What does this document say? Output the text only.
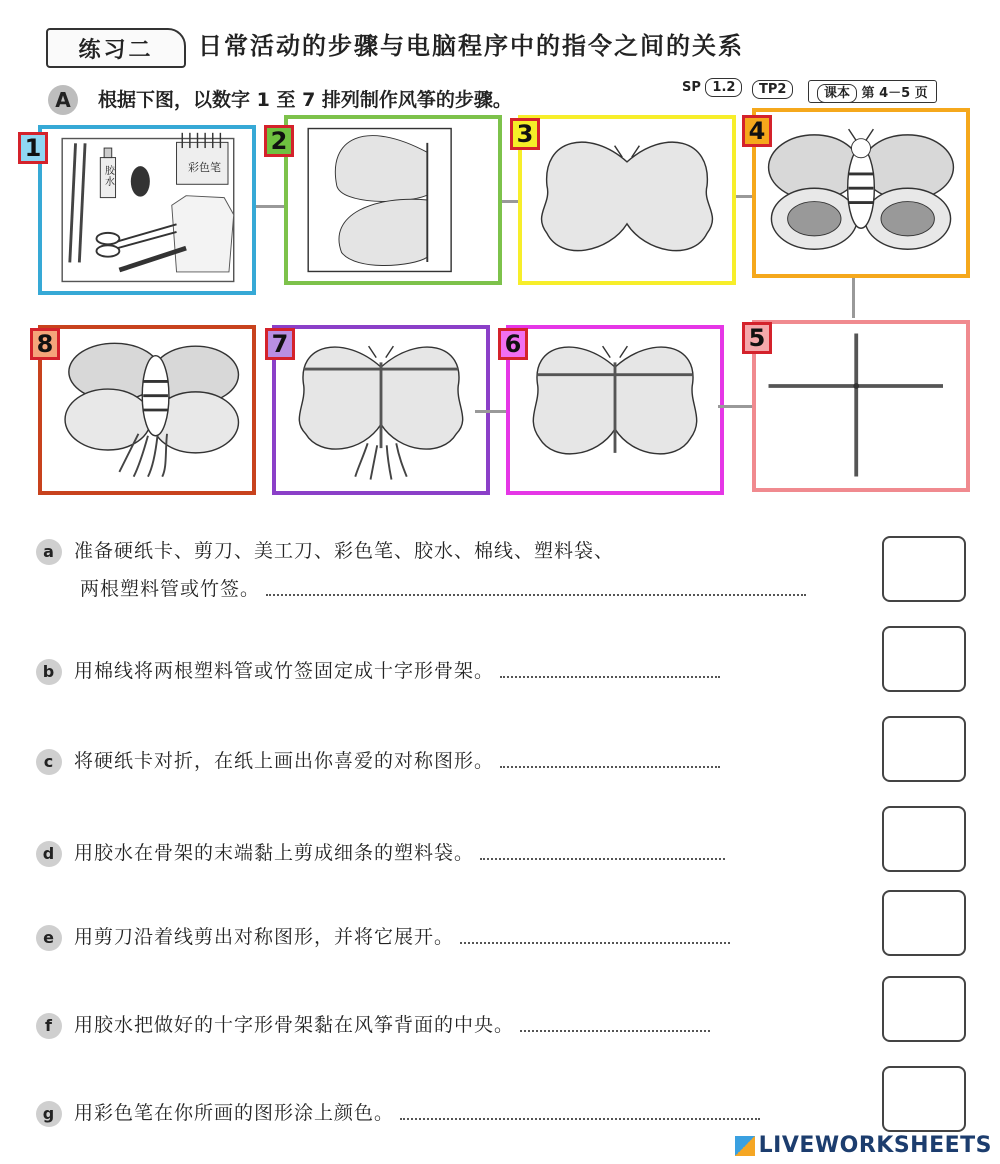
练习二	日常活动的步骤与电脑程序中的指令之间的关系
A	根据下图，以数字 1 至 7 排列制作风筝的步骤。
SP 1.2	TP2	课本 第 4－5 页
胶水
彩色笔
1	2	3	4
8	7	6	5
a 准备硬纸卡、剪刀、美工刀、彩色笔、胶水、棉线、塑料袋、
两根塑料管或竹签。
b 用棉线将两根塑料管或竹签固定成十字形骨架。
c 将硬纸卡对折，在纸上画出你喜爱的对称图形。
d 用胶水在骨架的末端黏上剪成细条的塑料袋。
e 用剪刀沿着线剪出对称图形，并将它展开。
f 用胶水把做好的十字形骨架黏在风筝背面的中央。
g 用彩色笔在你所画的图形涂上颜色。
LIVEWORKSHEETS
